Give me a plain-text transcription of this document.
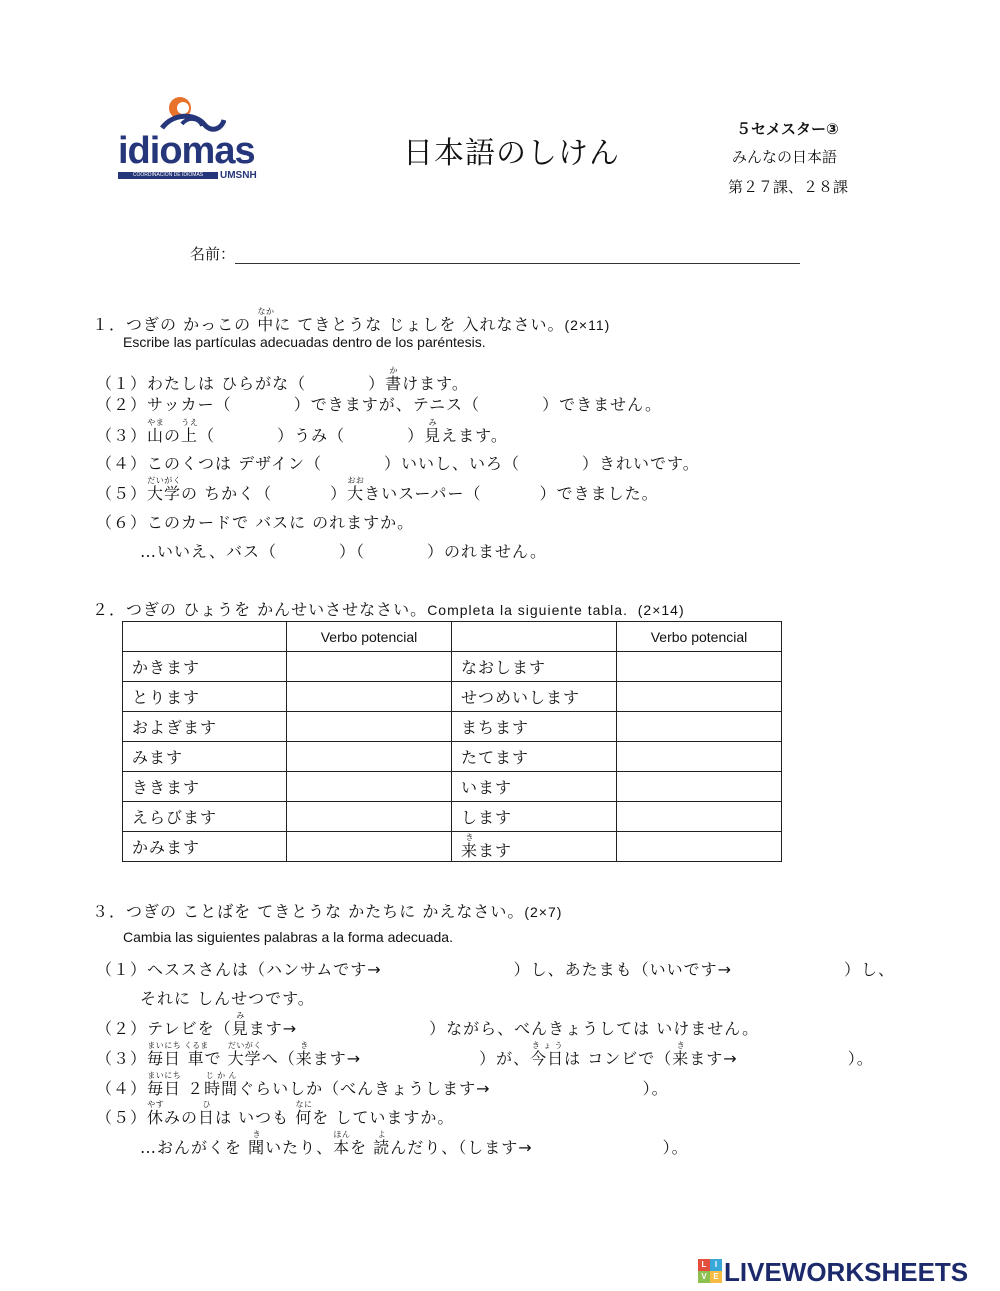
idiomas
COORDINACIÓN DE IDIOMAS	UMSNH
日本語のしけん
５セメスター③
みんなの日本語
第２７課、２８課
名前：
１．つぎの かっこの 中なかに てきとうな じょしを 入れなさい。(2×11)
Escribe las partículas adecuadas dentro de los paréntesis.
（１）わたしは ひらがな（	）書かけます。
（２）サッカー（	）できますが、テニス（	）できません。
（３）山やまの上うえ（	）うみ（	）見みえます。
（４）このくつは デザイン（	）いいし、いろ（	）きれいです。
（５）大学だいがくの ちかく（	）大おおきいスーパー（	）できました。
（６）このカードで バスに のれますか。
…いいえ、バス（	）（	）のれません。
２．つぎの ひょうを かんせいさせなさい。Completa la siguiente tabla. (2×14)
	Verbo potencial		Verbo potencial
かきます		なおします	
とります		せつめいします	
およぎます		まちます	
みます		たてます	
ききます		います	
えらびます		します	
かみます		来きます	
３．つぎの ことばを てきとうな かたちに かえなさい。(2×7)
Cambia las siguientes palabras a la forma adecuada.
（１）ヘススさんは（ハンサムです→	）し、あたまも（いいです→	）し、
それに しんせつです。
（２）テレビを（見みます→	）ながら、べんきょうしては いけません。
（３）毎日まいにち 車くるまで 大学だいがくへ（来きます→	）が、今日きょうは コンビで（来きます→	）。
（４）毎日まいにち ２時間じかんぐらいしか（べんきょうします→	）。
（５）休やすみの日ひは いつも 何なにを していますか。
…おんがくを 聞きいたり、本ほんを 読よんだり、（します→	）。
L	I
V E LIVEWORKSHEETS
